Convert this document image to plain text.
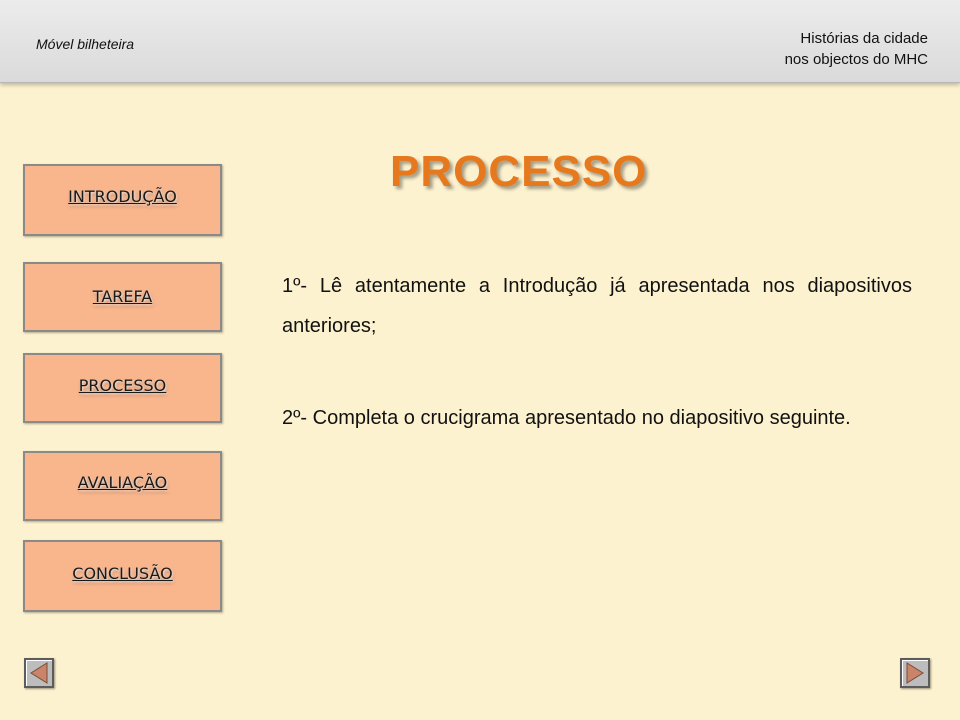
Móvel bilheteira	Histórias da cidade
nos objectos do MHC
PROCESSO
INTRODUÇÃO
TAREFA
PROCESSO
AVALIAÇÃO
CONCLUSÃO

1º- Lê atentamente a Introdução já apresentada nos diapositivos anteriores;

2º- Completa o crucigrama apresentado no diapositivo seguinte.
